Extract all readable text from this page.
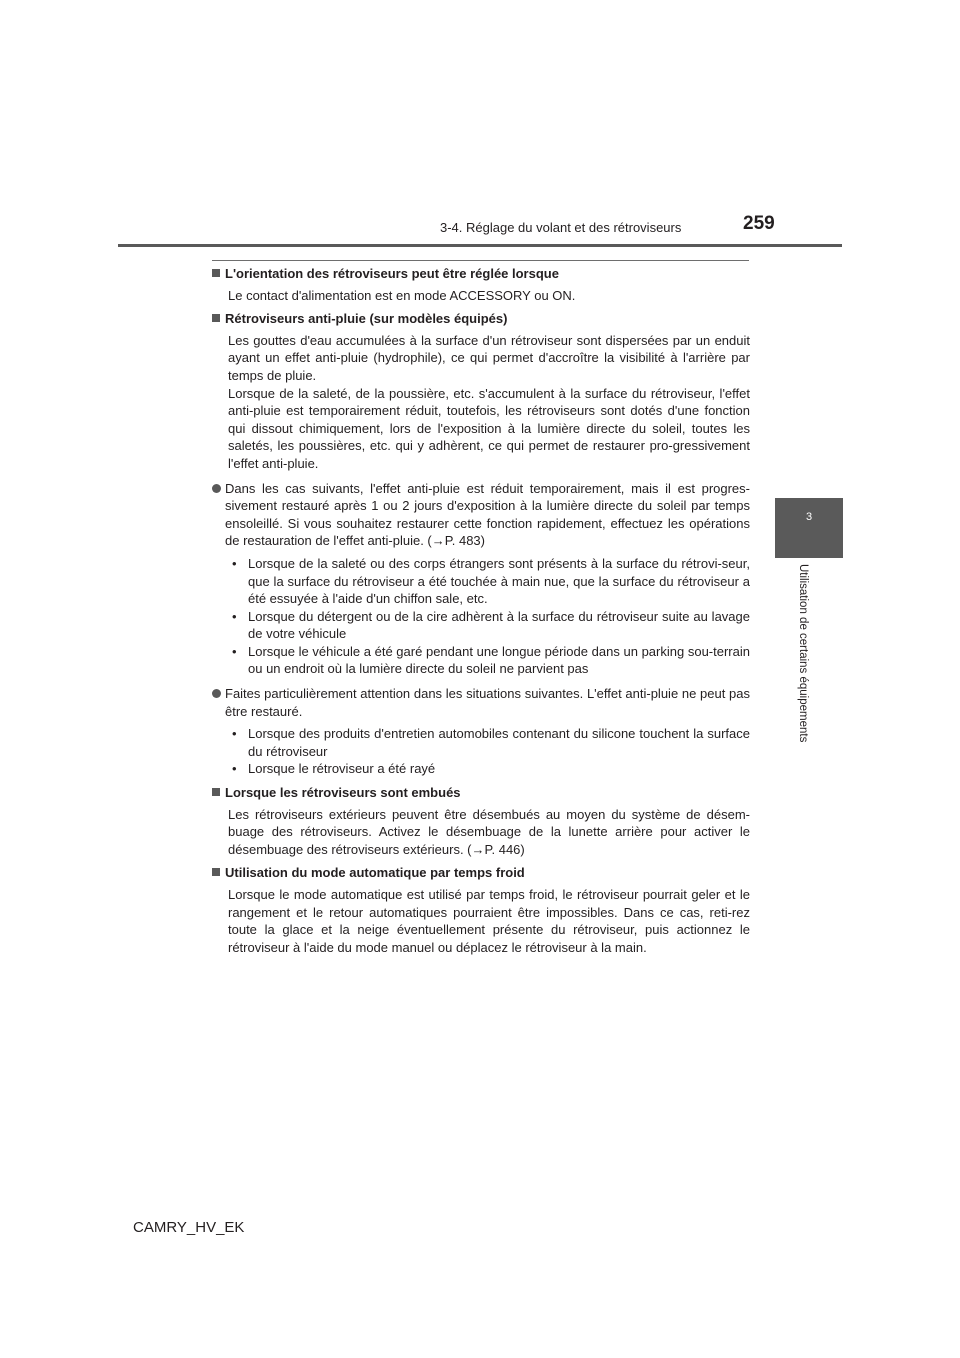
3-4. Réglage du volant et des rétroviseurs	259
3
Utilisation de certains équipements
L'orientation des rétroviseurs peut être réglée lorsque
Le contact d'alimentation est en mode ACCESSORY ou ON.
Rétroviseurs anti-pluie (sur modèles équipés)
Les gouttes d'eau accumulées à la surface d'un rétroviseur sont dispersées par un enduit ayant un effet anti-pluie (hydrophile), ce qui permet d'accroître la visibilité à l'arrière par temps de pluie.
Lorsque de la saleté, de la poussière, etc. s'accumulent à la surface du rétroviseur, l'effet anti-pluie est temporairement réduit, toutefois, les rétroviseurs sont dotés d'une fonction qui dissout chimiquement, lors de l'exposition à la lumière directe du soleil, toutes les saletés, les poussières, etc. qui y adhèrent, ce qui permet de restaurer pro-gressivement l'effet anti-pluie.
Dans les cas suivants, l'effet anti-pluie est réduit temporairement, mais il est progres-sivement restauré après 1 ou 2 jours d'exposition à la lumière directe du soleil par temps ensoleillé. Si vous souhaitez restaurer cette fonction rapidement, effectuez les opérations de restauration de l'effet anti-pluie. (→P. 483)
• Lorsque de la saleté ou des corps étrangers sont présents à la surface du rétrovi-seur, que la surface du rétroviseur a été touchée à main nue, que la surface du rétroviseur a été essuyée à l'aide d'un chiffon sale, etc.
• Lorsque du détergent ou de la cire adhèrent à la surface du rétroviseur suite au lavage de votre véhicule
• Lorsque le véhicule a été garé pendant une longue période dans un parking sou-terrain ou un endroit où la lumière directe du soleil ne parvient pas
Faites particulièrement attention dans les situations suivantes. L'effet anti-pluie ne peut pas être restauré.
• Lorsque des produits d'entretien automobiles contenant du silicone touchent la surface du rétroviseur
• Lorsque le rétroviseur a été rayé
Lorsque les rétroviseurs sont embués
Les rétroviseurs extérieurs peuvent être désembués au moyen du système de désem-buage des rétroviseurs. Activez le désembuage de la lunette arrière pour activer le désembuage des rétroviseurs extérieurs. (→P. 446)
Utilisation du mode automatique par temps froid
Lorsque le mode automatique est utilisé par temps froid, le rétroviseur pourrait geler et le rangement et le retour automatiques pourraient être impossibles. Dans ce cas, reti-rez toute la glace et la neige éventuellement présente du rétroviseur, puis actionnez le rétroviseur à l'aide du mode manuel ou déplacez le rétroviseur à la main.
CAMRY_HV_EK
